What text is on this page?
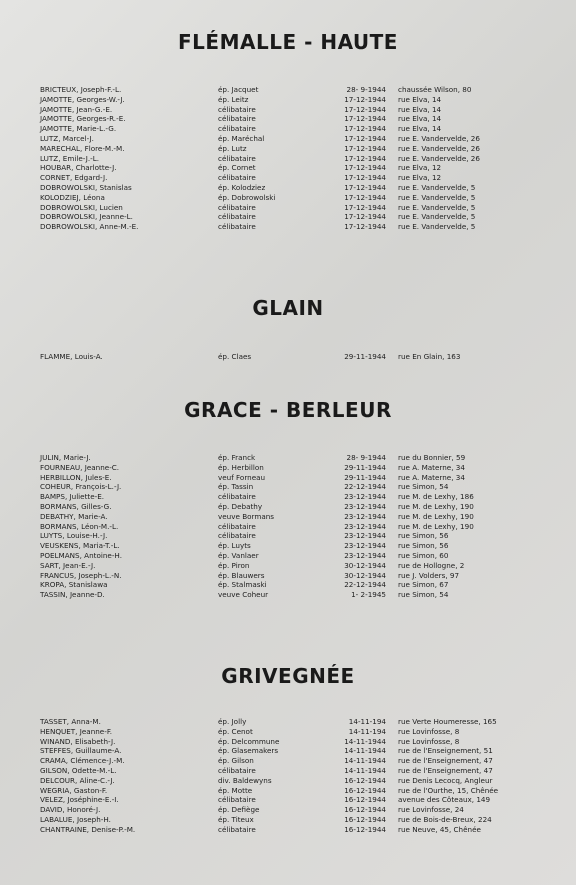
FLÉMALLE - HAUTE
BRICTEUX, Joseph-F.-L.	ép. Jacquet	28- 9-1944 chaussée Wilson, 80
JAMOTTE, Georges-W.-J.	ép. Leitz	17-12-1944 rue Elva, 14
JAMOTTE, Jean-G.-E.	célibataire	17-12-1944 rue Elva, 14
JAMOTTE, Georges-R.-E.	célibataire	17-12-1944 rue Elva, 14
JAMOTTE, Marie-L.-G.	célibataire	17-12-1944 rue Elva, 14
LUTZ, Marcel-J.	ép. Maréchal	17-12-1944 rue E. Vandervelde, 26
MARECHAL, Flore-M.-M.	ép. Lutz	17-12-1944 rue E. Vandervelde, 26
LUTZ, Emile-J.-L.	célibataire	17-12-1944 rue E. Vandervelde, 26
HOUBAR, Charlotte-J.	ép. Cornet	17-12-1944 rue Elva, 12
CORNET, Edgard-J.	célibataire	17-12-1944 rue Elva, 12
DOBROWOLSKI, Stanislas	ép. Kolodziez	17-12-1944 rue E. Vandervelde, 5
KOLODZIEJ, Léona	ép. Dobrowolski	17-12-1944 rue E. Vandervelde, 5
DOBROWOLSKI, Lucien	célibataire	17-12-1944 rue E. Vandervelde, 5
DOBROWOLSKI, Jeanne-L.	célibataire	17-12-1944 rue E. Vandervelde, 5
DOBROWOLSKI, Anne-M.-E.	célibataire	17-12-1944 rue E. Vandervelde, 5
GLAIN
FLAMME, Louis-A.	ép. Claes	29-11-1944 rue En Glain, 163
GRACE - BERLEUR
JULIN, Marie-J.	ép. Franck	28- 9-1944 rue du Bonnier, 59
FOURNEAU, Jeanne-C.	ép. Herbillon	29-11-1944 rue A. Materne, 34
HERBILLON, Jules-E.	veuf Forneau	29-11-1944 rue A. Materne, 34
COHEUR, François-L.-J.	ép. Tassin	22-12-1944 rue Simon, 54
BAMPS, Juliette-E.	célibataire	23-12-1944 rue M. de Lexhy, 186
BORMANS, Gilles-G.	ép. Debathy	23-12-1944 rue M. de Lexhy, 190
DEBATHY, Marie-A.	veuve Bormans	23-12-1944 rue M. de Lexhy, 190
BORMANS, Léon-M.-L.	célibataire	23-12-1944 rue M. de Lexhy, 190
LUYTS, Louise-H.-J.	célibataire	23-12-1944 rue Simon, 56
VEUSKENS, Maria-T.-L.	ép. Luyts	23-12-1944 rue Simon, 56
POELMANS, Antoine-H.	ép. Vanlaer	23-12-1944 rue Simon, 60
SART, Jean-E.-J.	ép. Piron	30-12-1944 rue de Hollogne, 2
FRANCUS, Joseph-L.-N.	ép. Blauwers	30-12-1944 rue J. Volders, 97
KROPA, Stanislawa	ép. Stalmaski	22-12-1944 rue Simon, 67
TASSIN, Jeanne-D.	veuve Coheur	1- 2-1945 rue Simon, 54
GRIVEGNÉE
TASSET, Anna-M.	ép. Jolly	14-11-194 rue Verte Houmeresse, 165
HENQUET, Jeanne-F.	ép. Cenot	14-11-194 rue Lovinfosse, 8
WINAND, Elisabeth-J.	ép. Delcommune	14-11-1944 rue Lovinfosse, 8
STEFFES, Guillaume-A.	ép. Glasemakers	14-11-1944 rue de l'Enseignement, 51
CRAMA, Clémence-J.-M.	ép. Gilson	14-11-1944 rue de l'Enseignement, 47
GILSON, Odette-M.-L.	célibataire	14-11-1944 rue de l'Enseignement, 47
DELCOUR, Aline-C.-J.	div. Baldewyns	16-12-1944 rue Denis Lecocq, Angleur
WEGRIA, Gaston-F.	ép. Motte	16-12-1944 rue de l'Ourthe, 15, Chênée
VELEZ, Joséphine-E.-I.	célibataire	16-12-1944 avenue des Côteaux, 149
DAVID, Honoré-J.	ép. Defiège	16-12-1944 rue Lovinfosse, 24
LABALUE, Joseph-H.	ép. Titeux	16-12-1944 rue de Bois-de-Breux, 224
CHANTRAINE, Denise-P.-M.	célibataire	16-12-1944 rue Neuve, 45, Chênée
